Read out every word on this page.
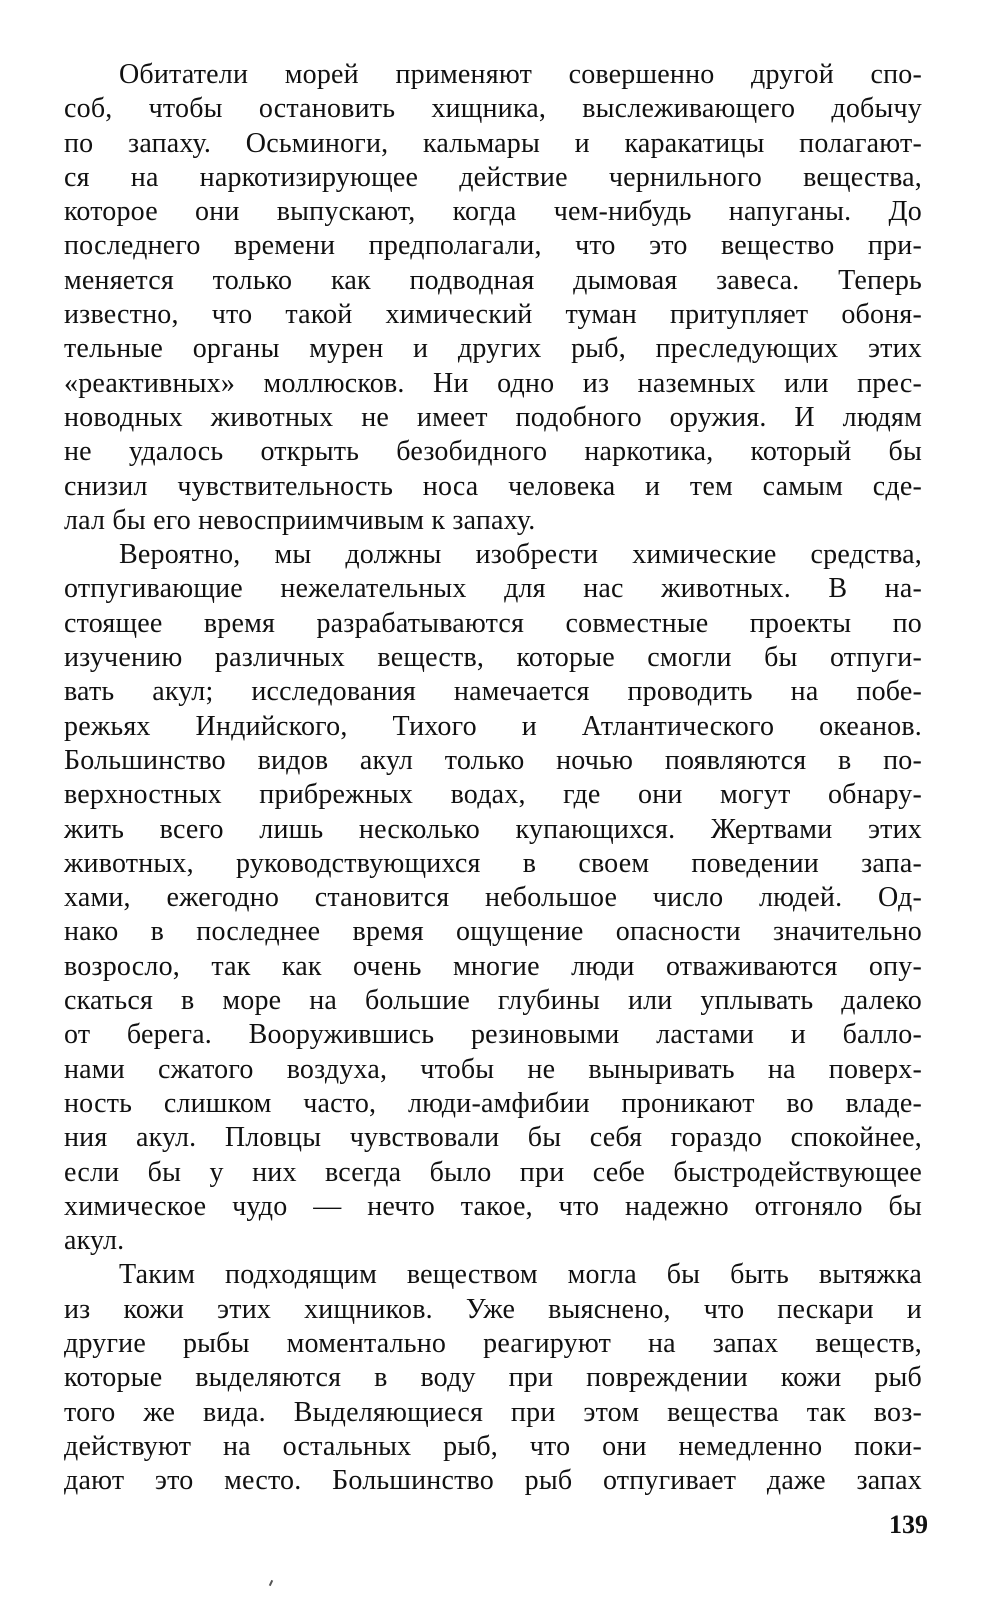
Обитатели морей применяют совершенно другой спо-
соб, чтобы остановить хищника, выслеживающего добычу
по запаху. Осьминоги, кальмары и каракатицы полагают-
ся на наркотизирующее действие чернильного вещества,
которое они выпускают, когда чем-нибудь напуганы. До
последнего времени предполагали, что это вещество при-
меняется только как подводная дымовая завеса. Теперь
известно, что такой химический туман притупляет обоня-
тельные органы мурен и других рыб, преследующих этих
«реактивных» моллюсков. Ни одно из наземных или прес-
новодных животных не имеет подобного оружия. И людям
не удалось открыть безобидного наркотика, который бы
снизил чувствительность носа человека и тем самым сде-
лал бы его невосприимчивым к запаху.
Вероятно, мы должны изобрести химические средства,
отпугивающие нежелательных для нас животных. В на-
стоящее время разрабатываются совместные проекты по
изучению различных веществ, которые смогли бы отпуги-
вать акул; исследования намечается проводить на побе-
режьях Индийского, Тихого и Атлантического океанов.
Большинство видов акул только ночью появляются в по-
верхностных прибрежных водах, где они могут обнару-
жить всего лишь несколько купающихся. Жертвами этих
животных, руководствующихся в своем поведении запа-
хами, ежегодно становится небольшое число людей. Од-
нако в последнее время ощущение опасности значительно
возросло, так как очень многие люди отваживаются опу-
скаться в море на большие глубины или уплывать далеко
от берега. Вооружившись резиновыми ластами и балло-
нами сжатого воздуха, чтобы не выныривать на поверх-
ность слишком часто, люди-амфибии проникают во владе-
ния акул. Пловцы чувствовали бы себя гораздо спокойнее,
если бы у них всегда было при себе быстродействующее
химическое чудо — нечто такое, что надежно отгоняло бы
акул.
Таким подходящим веществом могла бы быть вытяжка
из кожи этих хищников. Уже выяснено, что пескари и
другие рыбы моментально реагируют на запах веществ,
которые выделяются в воду при повреждении кожи рыб
того же вида. Выделяющиеся при этом вещества так воз-
действуют на остальных рыб, что они немедленно поки-
дают это место. Большинство рыб отпугивает даже запах
139
